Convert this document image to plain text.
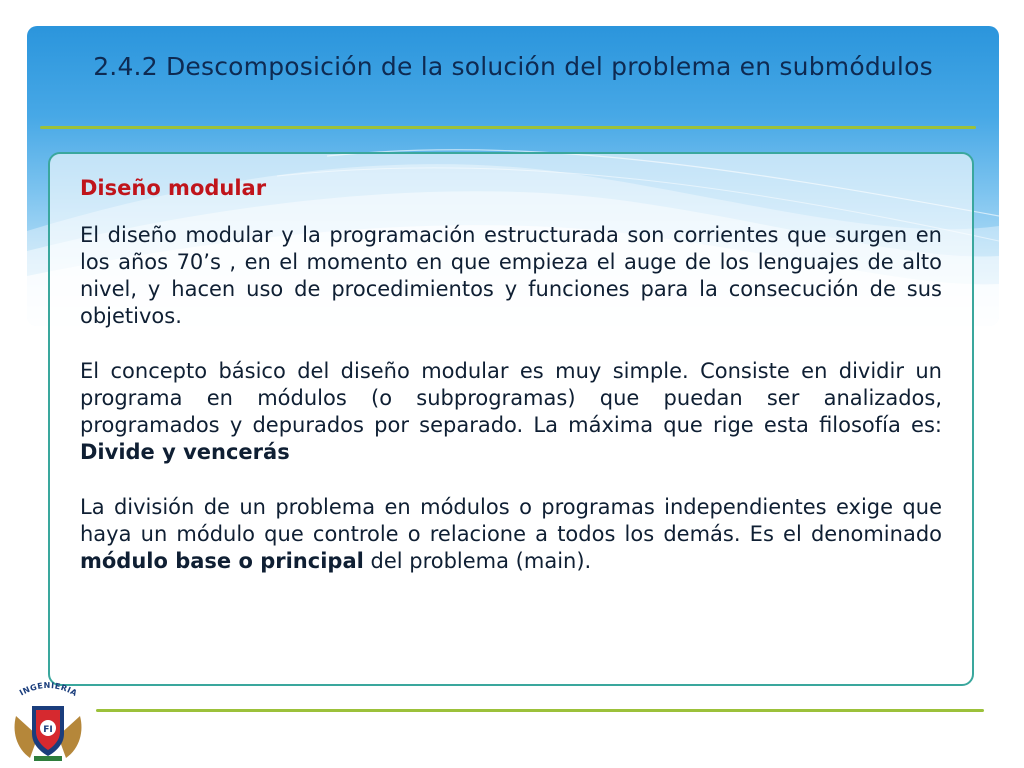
2.4.2 Descomposición de la solución del problema en submódulos

Diseño modular

El diseño modular y la programación estructurada son corrientes que surgen en los años 70’s , en el momento en que empieza el auge de los lenguajes de alto nivel, y hacen uso de procedimientos y funciones para la consecución de sus objetivos.

El concepto básico del diseño modular es muy simple. Consiste en dividir un programa en módulos (o subprogramas) que puedan ser analizados, programados y depurados por separado. La máxima que rige esta filosofía es: Divide y vencerás

La división de un problema en módulos o programas independientes exige que haya un módulo que controle o relacione a todos los demás. Es el denominado módulo base o principal del problema (main).

INGENIERIA
FI
